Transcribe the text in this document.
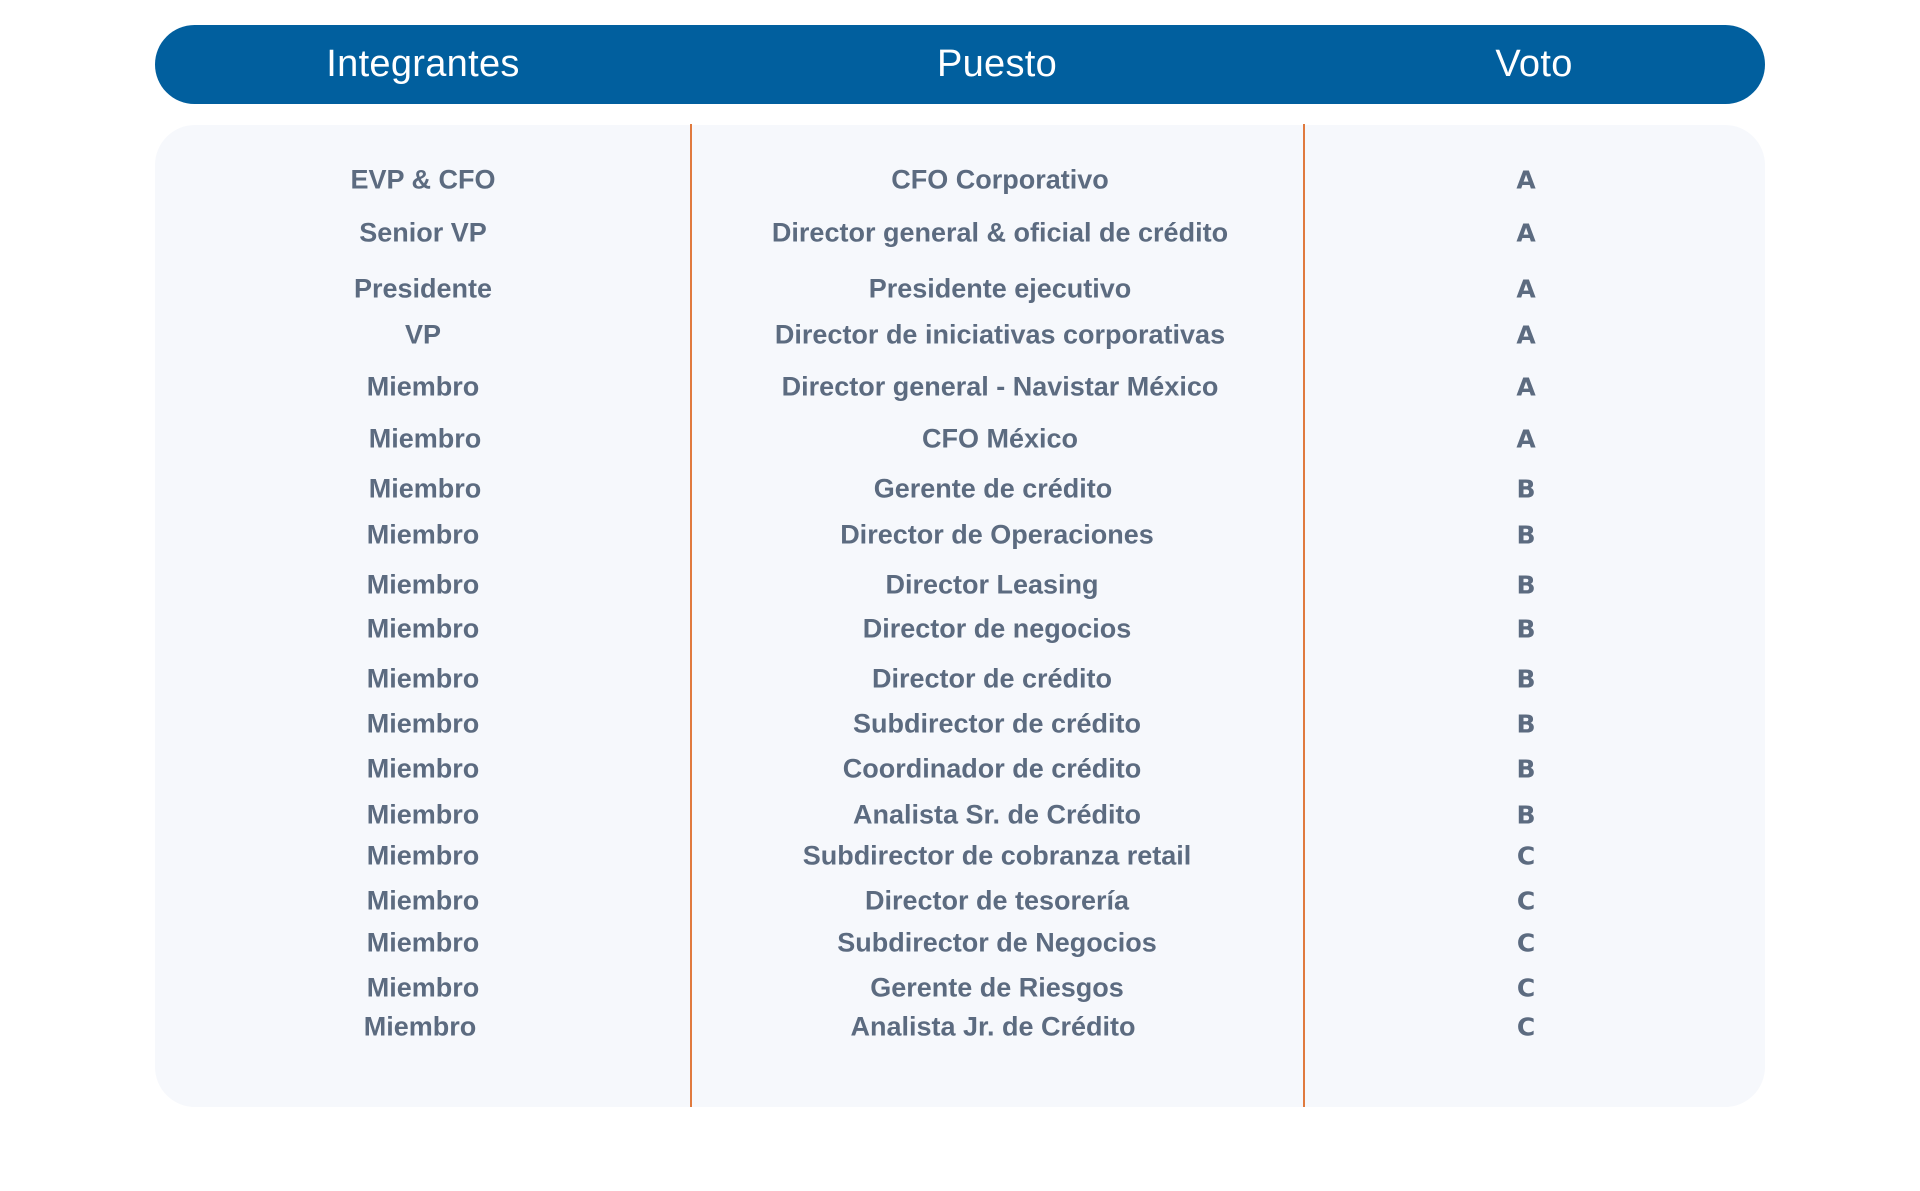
Integrantes	Puesto	Voto
EVP & CFO	CFO Corporativo	A
Senior VP	Director general & oficial de crédito	A
Presidente	Presidente ejecutivo	A
VP	Director de iniciativas corporativas	A
Miembro	Director general - Navistar México	A
Miembro	CFO México	A
Miembro	Gerente de crédito	B
Miembro	Director de Operaciones	B
Miembro	Director Leasing	B
Miembro	Director de negocios	B
Miembro	Director de crédito	B
Miembro	Subdirector de crédito	B
Miembro	Coordinador de crédito	B
Miembro	Analista Sr. de Crédito	B
Miembro	Subdirector de cobranza retail	C
Miembro	Director de tesorería	C
Miembro	Subdirector de Negocios	C
Miembro	Gerente de Riesgos	C
Miembro	Analista Jr. de Crédito	C
